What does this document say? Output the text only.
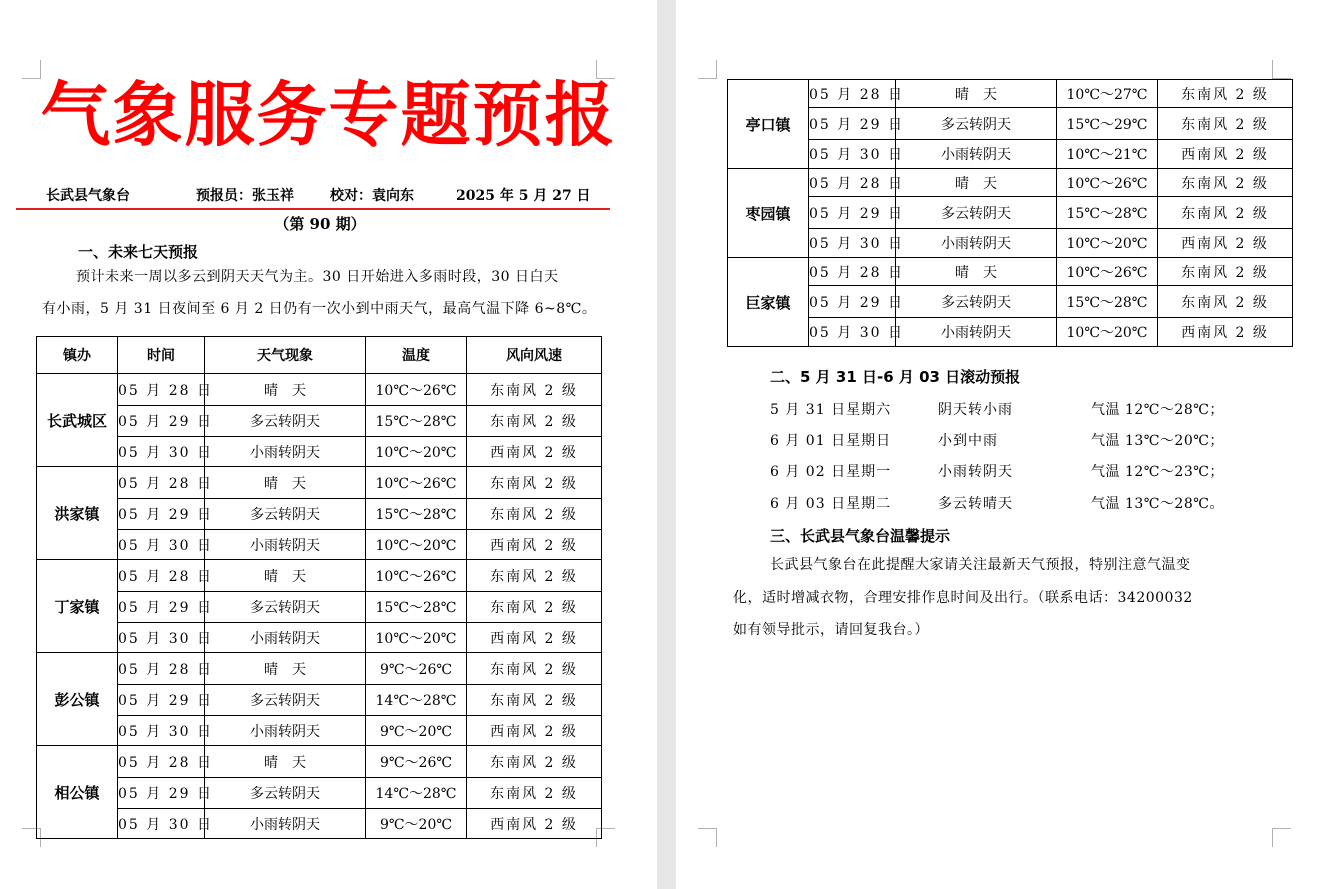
气象服务专题预报
长武县气象台	预报员：张玉祥	校对：袁向东	2025 年 5 月 27 日
（第 90 期）
一、未来七天预报
预计未来一周以多云到阴天天气为主。30 日开始进入多雨时段，30 日白天
有小雨，5 月 31 日夜间至 6 月 2 日仍有一次小到中雨天气，最高气温下降 6~8℃。
镇办	时间	天气现象	温度	风向风速
长武城区	05 月 28 日	晴　天	10℃～26℃	东南风 2 级
	05 月 29 日	多云转阴天	15℃～28℃	东南风 2 级
	05 月 30 日	小雨转阴天	10℃～20℃	西南风 2 级
洪家镇	05 月 28 日	晴　天	10℃～26℃	东南风 2 级
	05 月 29 日	多云转阴天	15℃～28℃	东南风 2 级
	05 月 30 日	小雨转阴天	10℃～20℃	西南风 2 级
丁家镇	05 月 28 日	晴　天	10℃～26℃	东南风 2 级
	05 月 29 日	多云转阴天	15℃～28℃	东南风 2 级
	05 月 30 日	小雨转阴天	10℃～20℃	西南风 2 级
彭公镇	05 月 28 日	晴　天	9℃～26℃	东南风 2 级
	05 月 29 日	多云转阴天	14℃～28℃	东南风 2 级
	05 月 30 日	小雨转阴天	9℃～20℃	西南风 2 级
相公镇	05 月 28 日	晴　天	9℃～26℃	东南风 2 级
	05 月 29 日	多云转阴天	14℃～28℃	东南风 2 级
	05 月 30 日	小雨转阴天	9℃～20℃	西南风 2 级
亭口镇	05 月 28 日	晴　天	10℃～27℃	东南风 2 级
	05 月 29 日	多云转阴天	15℃～29℃	东南风 2 级
	05 月 30 日	小雨转阴天	10℃～21℃	西南风 2 级
枣园镇	05 月 28 日	晴　天	10℃～26℃	东南风 2 级
	05 月 29 日	多云转阴天	15℃～28℃	东南风 2 级
	05 月 30 日	小雨转阴天	10℃～20℃	西南风 2 级
巨家镇	05 月 28 日	晴　天	10℃～26℃	东南风 2 级
	05 月 29 日	多云转阴天	15℃～28℃	东南风 2 级
	05 月 30 日	小雨转阴天	10℃～20℃	西南风 2 级
二、5 月 31 日-6 月 03 日滚动预报
5 月 31 日星期六	阴天转小雨	气温 12℃～28℃；
6 月 01 日星期日	小到中雨	气温 13℃～20℃；
6 月 02 日星期一	小雨转阴天	气温 12℃～23℃；
6 月 03 日星期二	多云转晴天	气温 13℃～28℃。
三、长武县气象台温馨提示
长武县气象台在此提醒大家请关注最新天气预报，特别注意气温变
化，适时增减衣物，合理安排作息时间及出行。（联系电话：34200032
如有领导批示，请回复我台。）
